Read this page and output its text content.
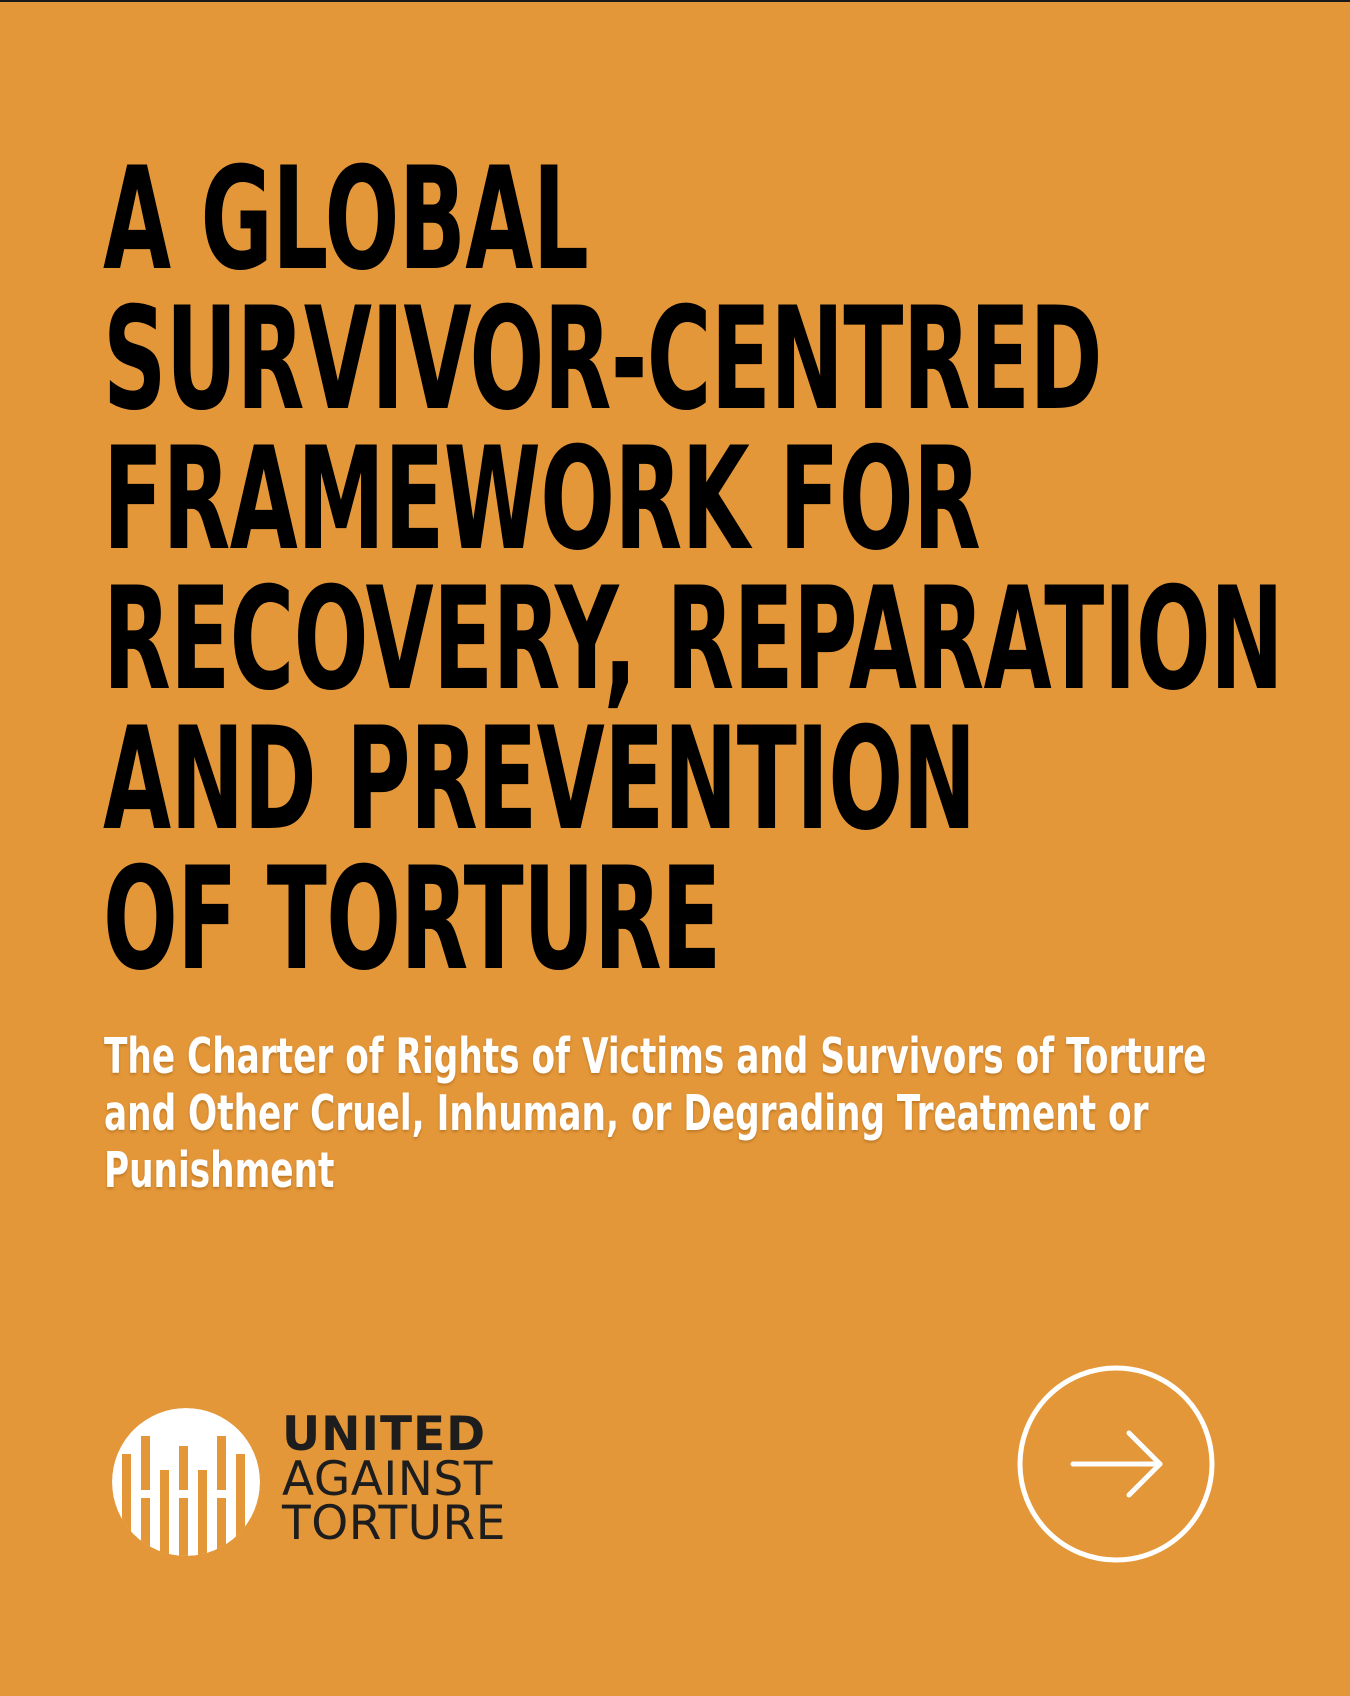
A GLOBAL
SURVIVOR-CENTRED
FRAMEWORK FOR
RECOVERY, REPARATION
AND PREVENTION
OF TORTURE

The Charter of Rights of Victims and Survivors of Torture
and Other Cruel, Inhuman, or Degrading Treatment or
Punishment

UNITED
AGAINST
TORTURE
